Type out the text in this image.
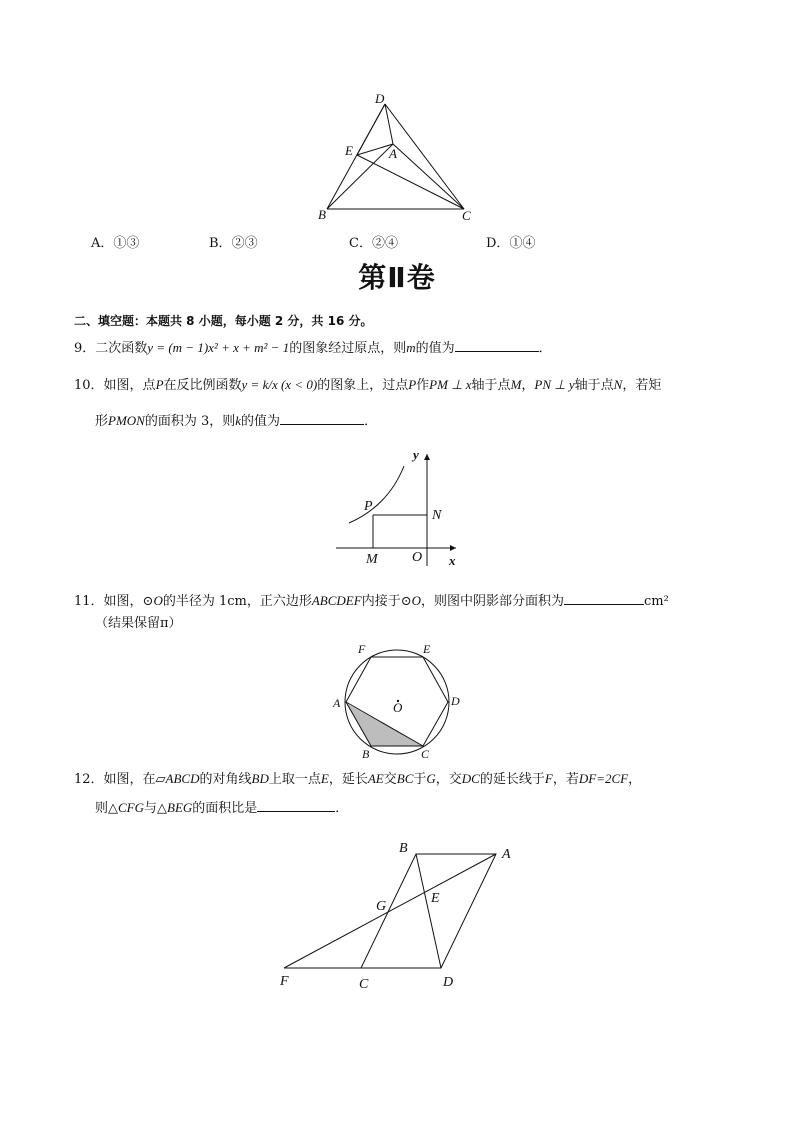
D
E	A
B	C
A．①③	B．②③	C．②④	D．①④
第Ⅱ卷
二、填空题：本题共 8 小题，每小题 2 分，共 16 分。
9．二次函数y = (m − 1)x² + x + m² − 1的图象经过原点，则m的值为	．
10．如图，点P在反比例函数y = k/x (x < 0)的图象上，过点P作PM ⊥ x轴于点M，PN ⊥ y轴于点N，若矩
形PMON的面积为 3，则k的值为	．
y
x
P
N
M O
11．如图，⊙O的半径为 1cm，正六边形ABCDEF内接于⊙O，则图中阴影部分面积为	cm²
（结果保留π）
F	E
A	D
O
B	C
12．如图，在▱ABCD的对角线BD上取一点E，延长AE交BC于G，交DC的延长线于F，若DF=2CF，
则△CFG与△BEG的面积比是	．
B	A
G
E
F	C	D
